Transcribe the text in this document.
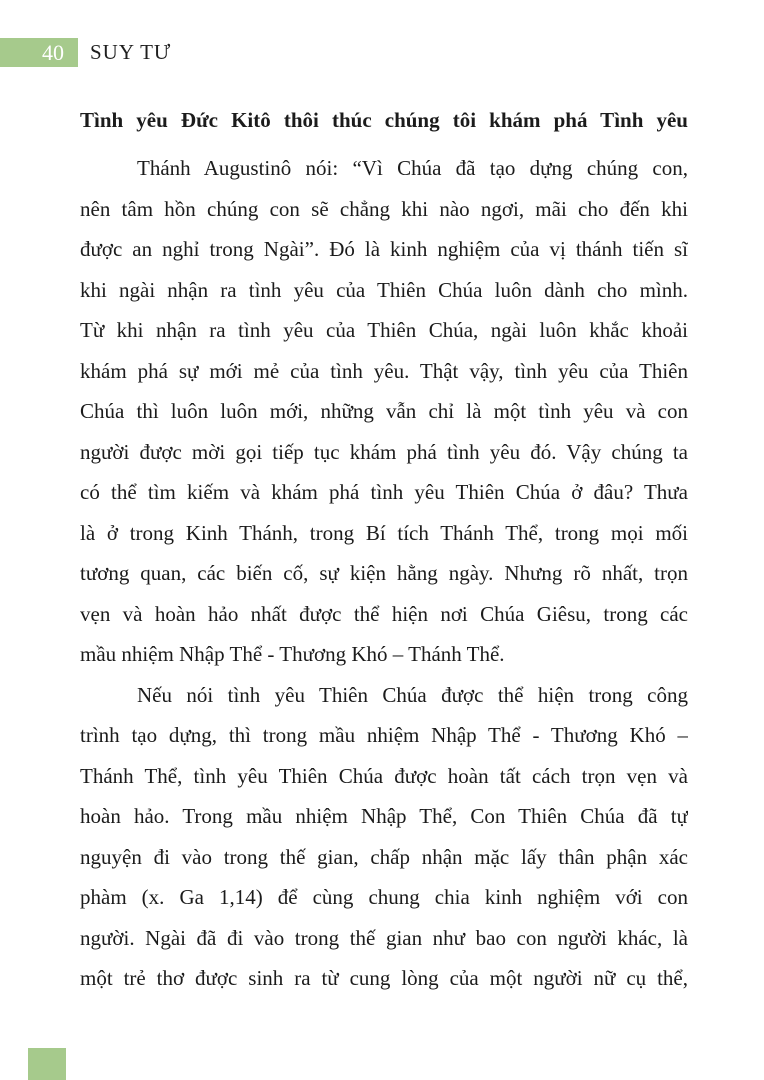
40	SUY TƯ
Tình yêu Đức Kitô thôi thúc chúng tôi khám phá Tình yêu
Thánh Augustinô nói: “Vì Chúa đã tạo dựng chúng con,
nên tâm hồn chúng con sẽ chẳng khi nào ngơi, mãi cho đến khi
được an nghỉ trong Ngài”. Đó là kinh nghiệm của vị thánh tiến sĩ
khi ngài nhận ra tình yêu của Thiên Chúa luôn dành cho mình.
Từ khi nhận ra tình yêu của Thiên Chúa, ngài luôn khắc khoải
khám phá sự mới mẻ của tình yêu. Thật vậy, tình yêu của Thiên
Chúa thì luôn luôn mới, những vẫn chỉ là một tình yêu và con
người được mời gọi tiếp tục khám phá tình yêu đó. Vậy chúng ta
có thể tìm kiếm và khám phá tình yêu Thiên Chúa ở đâu? Thưa
là ở trong Kinh Thánh, trong Bí tích Thánh Thể, trong mọi mối
tương quan, các biến cố, sự kiện hằng ngày. Nhưng rõ nhất, trọn
vẹn và hoàn hảo nhất được thể hiện nơi Chúa Giêsu, trong các
mầu nhiệm Nhập Thể - Thương Khó – Thánh Thể.
Nếu nói tình yêu Thiên Chúa được thể hiện trong công
trình tạo dựng, thì trong mầu nhiệm Nhập Thể - Thương Khó –
Thánh Thể, tình yêu Thiên Chúa được hoàn tất cách trọn vẹn và
hoàn hảo. Trong mầu nhiệm Nhập Thể, Con Thiên Chúa đã tự
nguyện đi vào trong thế gian, chấp nhận mặc lấy thân phận xác
phàm (x. Ga 1,14) để cùng chung chia kinh nghiệm với con
người. Ngài đã đi vào trong thế gian như bao con người khác, là
một trẻ thơ được sinh ra từ cung lòng của một người nữ cụ thể,
